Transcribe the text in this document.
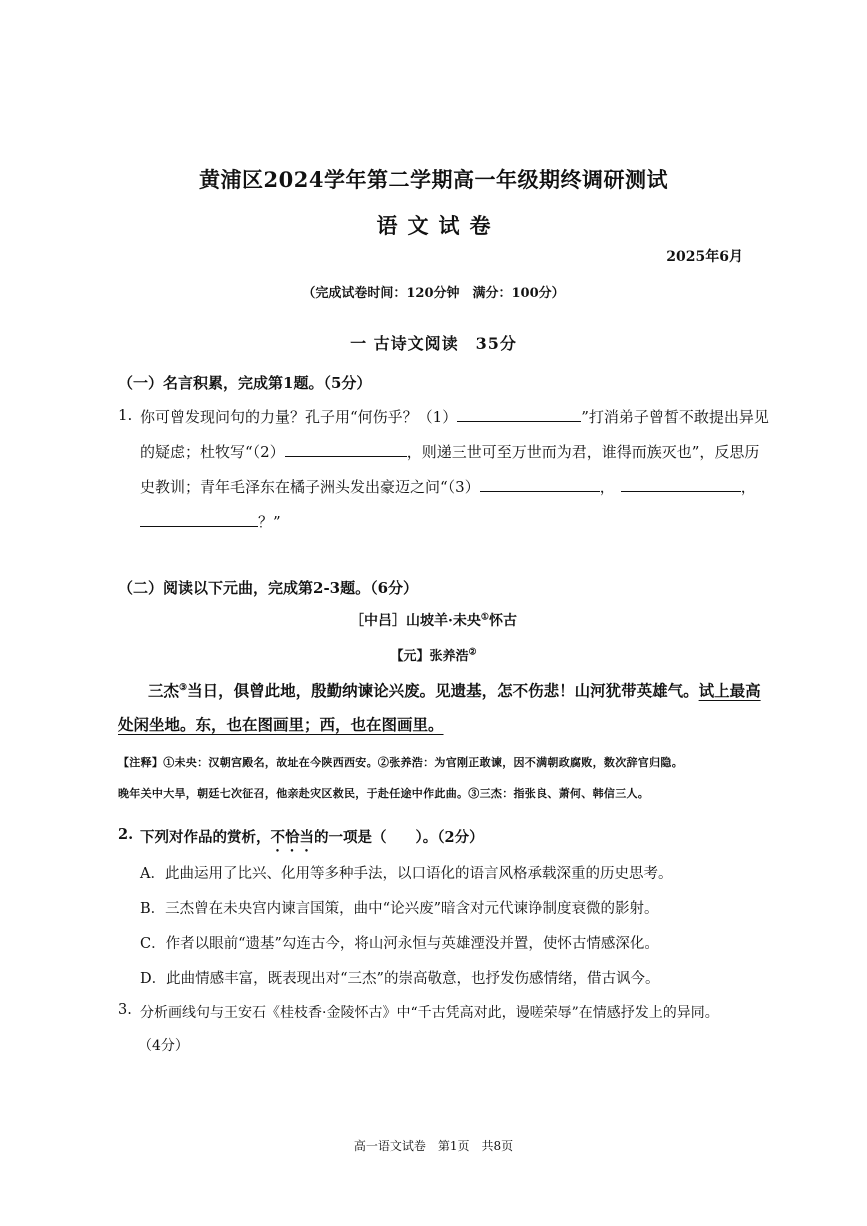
黄浦区2024学年第二学期高一年级期终调研测试
语文试卷
2025年6月
（完成试卷时间：120分钟　满分：100分）
一 古诗文阅读　35分
（一）名言积累，完成第1题。（5分）
1. 你可曾发现问句的力量？孔子用“何伤乎？（1）	”打消弟子曾皙不敢提出异见
的疑虑；杜牧写“（2）	，则递三世可至万世而为君，谁得而族灭也”，反思历
史教训；青年毛泽东在橘子洲头发出豪迈之问“（3）	，	，
？”
（二）阅读以下元曲，完成第2-3题。（6分）
［中吕］山坡羊·未央①怀古
【元】张养浩②
三杰③当日，俱曾此地，殷勤纳谏论兴废。见遗基，怎不伤悲！山河犹带英雄气。试上最高
处闲坐地。东，也在图画里；西，也在图画里。
【注释】①未央：汉朝宫殿名，故址在今陕西西安。②张养浩：为官刚正敢谏，因不满朝政腐败，数次辞官归隐。
晚年关中大旱，朝廷七次征召，他亲赴灾区救民，于赴任途中作此曲。③三杰：指张良、萧何、韩信三人。
2. 下列对作品的赏析，不恰当的一项是（　　）。（2分）
A．此曲运用了比兴、化用等多种手法，以口语化的语言风格承载深重的历史思考。
B．三杰曾在未央宫内谏言国策，曲中“论兴废”暗含对元代谏诤制度衰微的影射。
C．作者以眼前“遗基”勾连古今，将山河永恒与英雄湮没并置，使怀古情感深化。
D．此曲情感丰富，既表现出对“三杰”的崇高敬意，也抒发伤感情绪，借古讽今。
3. 分析画线句与王安石《桂枝香·金陵怀古》中“千古凭高对此，谩嗟荣辱”在情感抒发上的异同。
（4分）
高一语文试卷　第1页　共8页
